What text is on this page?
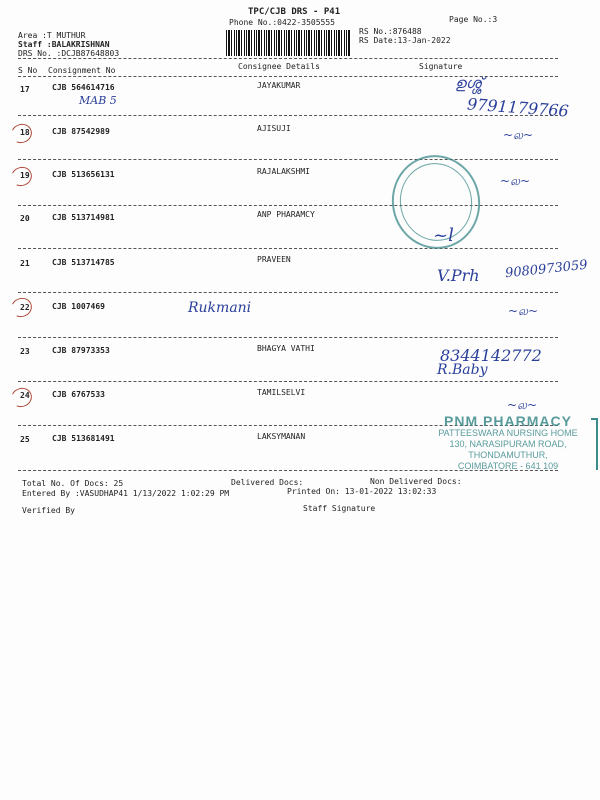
TPC/CJB DRS - P41
Phone No.:0422-3505555	Page No.:3
Area :T MUTHUR
Staff :BALAKRISHNAN
DRS No. :DCJB87648803
RS No.:876488
RS Date:13-Jan-2022
S No Consignment No	Consignee Details	Signature
17	CJB 564614716	JAYAKUMAR
18	CJB 87542989	AJISUJI
19	CJB 513656131	RAJALAKSHMI
20	CJB 513714981	ANP PHARAMCY
21	CJB 513714785	PRAVEEN
22	CJB 1007469
23	CJB 87973353	BHAGYA VATHI
24	CJB 6767533	TAMILSELVI
25	CJB 513681491	LAKSYMANAN
MAB 5
ഉശ്ശ്
9791179766
~ல~
~ல~
~l
V.Prh 9080973059
Rukmani	~ல~
8344142772
R.Baby
~ல~
PNM PHARMACY
PATTEESWARA NURSING HOME
130, NARASIPURAM ROAD,
THONDAMUTHUR,
COIMBATORE - 641 109
Total No. Of Docs: 25	Delivered Docs:	Non Delivered Docs:
Entered By :VASUDHAP41 1/13/2022 1:02:29 PM	Printed On: 13-01-2022 13:02:33
Verified By	Staff Signature
